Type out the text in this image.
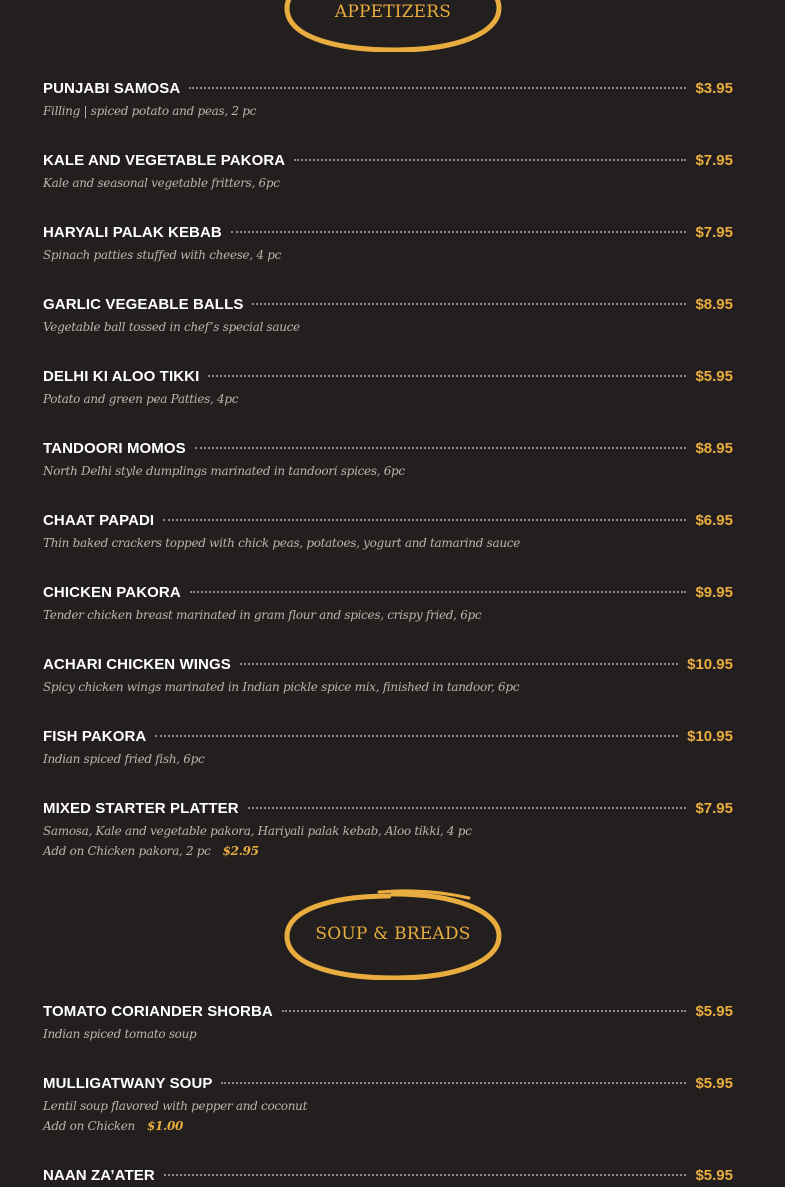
APPETIZERS
PUNJABI SAMOSA	$3.95
Filling | spiced potato and peas, 2 pc
KALE AND VEGETABLE PAKORA	$7.95
Kale and seasonal vegetable fritters, 6pc
HARYALI PALAK KEBAB	$7.95
Spinach patties stuffed with cheese, 4 pc
GARLIC VEGEABLE BALLS	$8.95
Vegetable ball tossed in chef’s special sauce
DELHI KI ALOO TIKKI	$5.95
Potato and green pea Patties, 4pc
TANDOORI MOMOS	$8.95
North Delhi style dumplings marinated in tandoori spices, 6pc
CHAAT PAPADI	$6.95
Thin baked crackers topped with chick peas, potatoes, yogurt and tamarind sauce
CHICKEN PAKORA	$9.95
Tender chicken breast marinated in gram flour and spices, crispy fried, 6pc
ACHARI CHICKEN WINGS	$10.95
Spicy chicken wings marinated in Indian pickle spice mix, finished in tandoor, 6pc
FISH PAKORA	$10.95
Indian spiced fried fish, 6pc
MIXED STARTER PLATTER	$7.95
Samosa, Kale and vegetable pakora, Hariyali palak kebab, Aloo tikki, 4 pc
Add on Chicken pakora, 2 pc $2.95
SOUP & BREADS
TOMATO CORIANDER SHORBA	$5.95
Indian spiced tomato soup
MULLIGATWANY SOUP	$5.95
Lentil soup flavored with pepper and coconut
Add on Chicken $1.00
NAAN ZA’ATER	$5.95
